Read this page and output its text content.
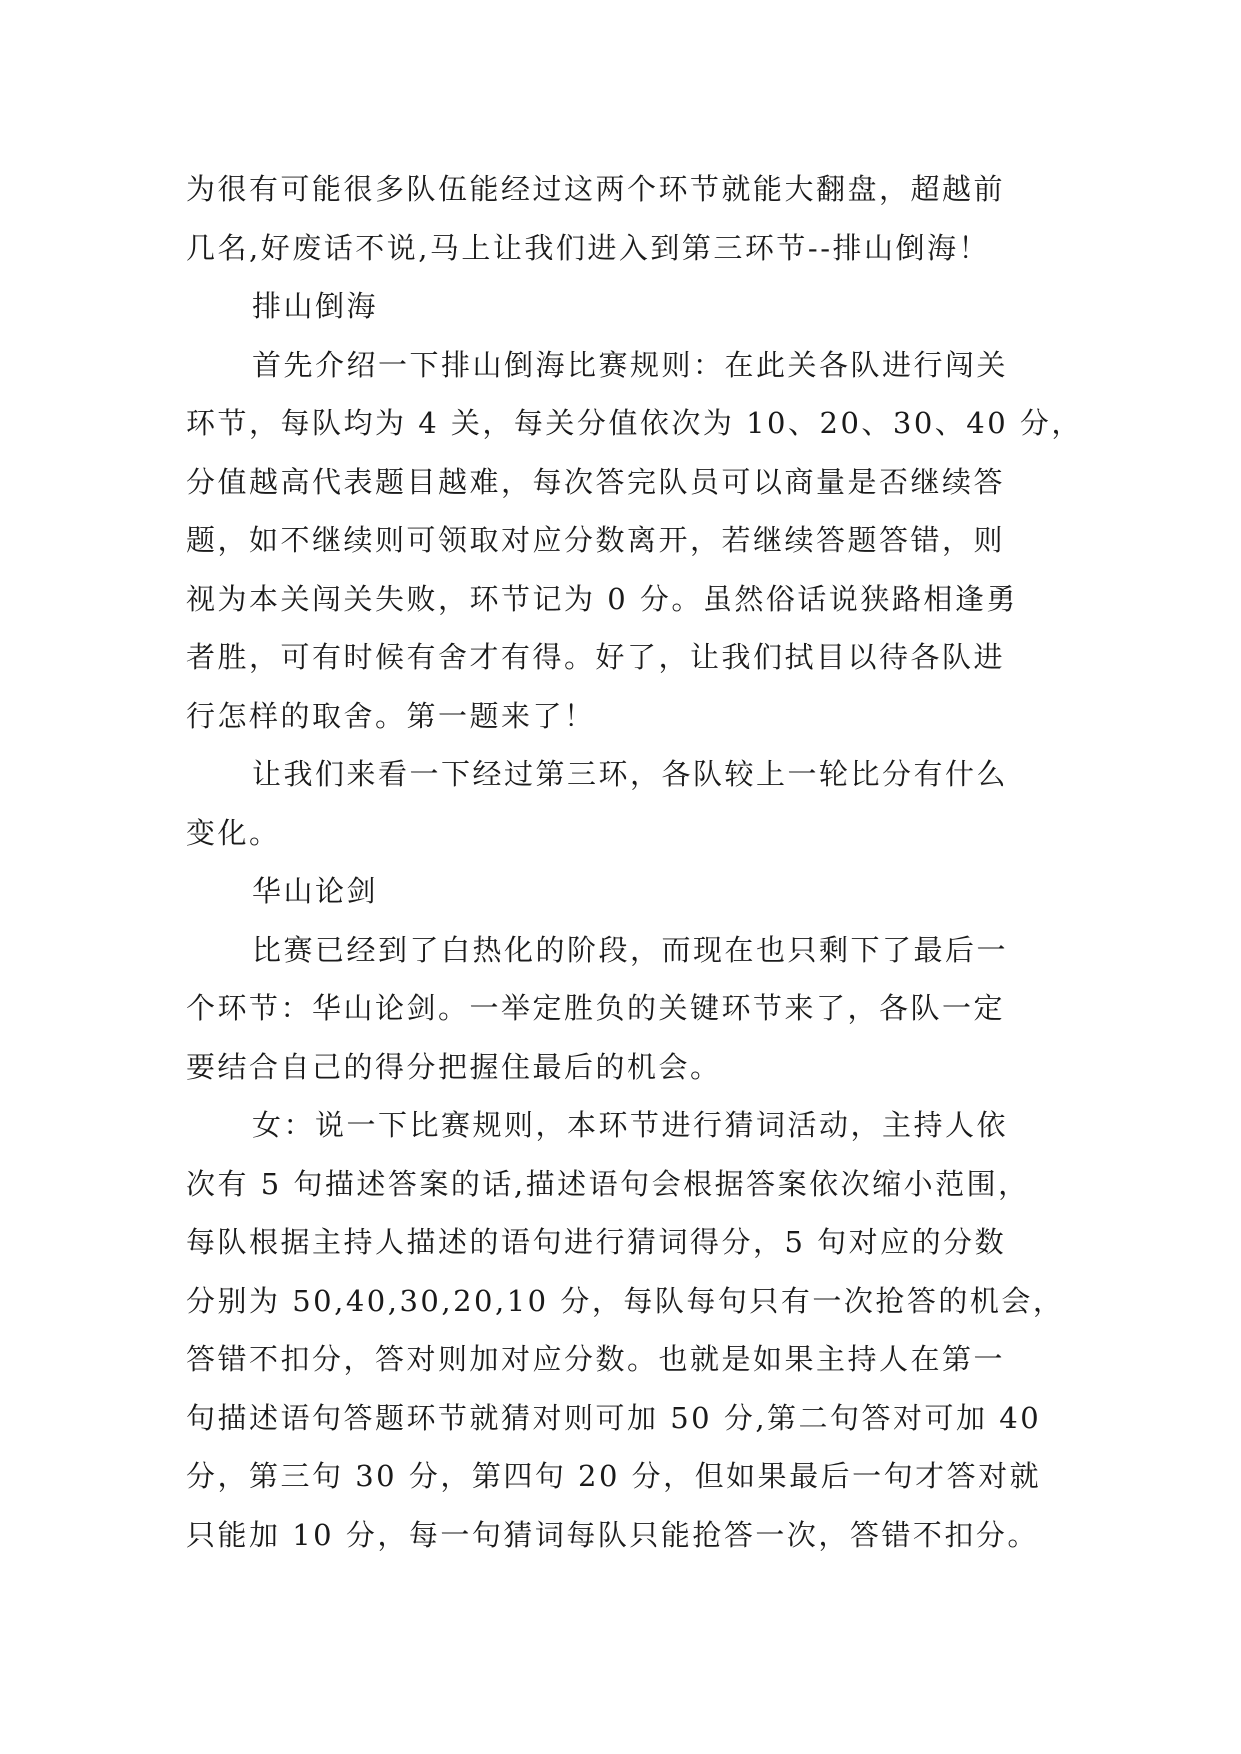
为很有可能很多队伍能经过这两个环节就能大翻盘，超越前
几名,好废话不说,马上让我们进入到第三环节--排山倒海！
排山倒海
首先介绍一下排山倒海比赛规则：在此关各队进行闯关
环节，每队均为 4 关，每关分值依次为 10、20、30、40 分，
分值越高代表题目越难，每次答完队员可以商量是否继续答
题，如不继续则可领取对应分数离开，若继续答题答错，则
视为本关闯关失败，环节记为 0 分。虽然俗话说狭路相逢勇
者胜，可有时候有舍才有得。好了，让我们拭目以待各队进
行怎样的取舍。第一题来了！
让我们来看一下经过第三环，各队较上一轮比分有什么
变化。
华山论剑
比赛已经到了白热化的阶段，而现在也只剩下了最后一
个环节：华山论剑。一举定胜负的关键环节来了，各队一定
要结合自己的得分把握住最后的机会。
女：说一下比赛规则，本环节进行猜词活动，主持人依
次有 5 句描述答案的话,描述语句会根据答案依次缩小范围，
每队根据主持人描述的语句进行猜词得分，5 句对应的分数
分别为 50,40,30,20,10 分，每队每句只有一次抢答的机会，
答错不扣分，答对则加对应分数。也就是如果主持人在第一
句描述语句答题环节就猜对则可加 50 分,第二句答对可加 40
分，第三句 30 分，第四句 20 分，但如果最后一句才答对就
只能加 10 分，每一句猜词每队只能抢答一次，答错不扣分。
